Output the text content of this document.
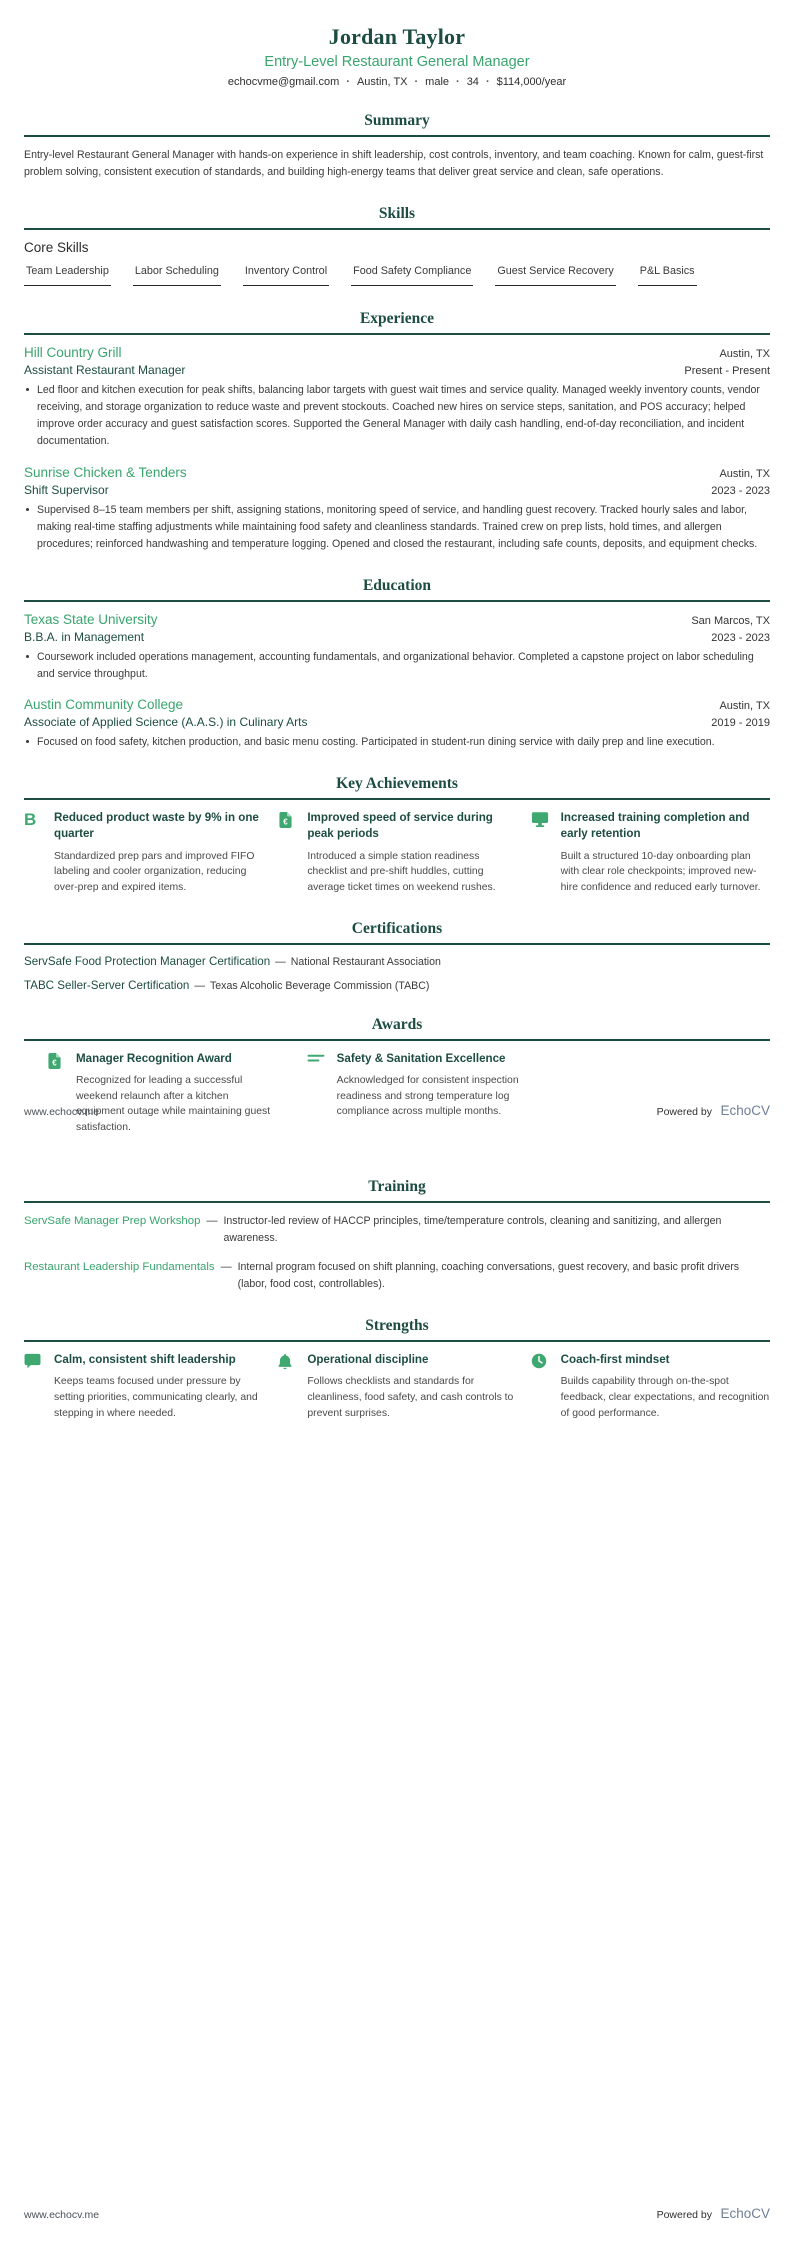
Jordan Taylor
Entry-Level Restaurant General Manager
echocvme@gmail.com · Austin, TX · male · 34 · $114,000/year
Summary

Entry-level Restaurant General Manager with hands-on experience in shift leadership, cost controls, inventory, and team coaching. Known for calm, guest-first problem solving, consistent execution of standards, and building high-energy teams that deliver great service and clean, safe operations.

Skills
Core Skills
Team Leadership Labor Scheduling Inventory Control Food Safety Compliance Guest Service Recovery P&L Basics
Experience
Hill Country Grill	Austin, TX
Assistant Restaurant Manager	Present - Present
Led floor and kitchen execution for peak shifts, balancing labor targets with guest wait times and service quality. Managed weekly inventory counts, vendor receiving, and storage organization to reduce waste and prevent stockouts. Coached new hires on service steps, sanitation, and POS accuracy; helped improve order accuracy and guest satisfaction scores. Supported the General Manager with daily cash handling, end-of-day reconciliation, and incident documentation.
Sunrise Chicken & Tenders	Austin, TX
Shift Supervisor	2023 - 2023
Supervised 8–15 team members per shift, assigning stations, monitoring speed of service, and handling guest recovery. Tracked hourly sales and labor, making real-time staffing adjustments while maintaining food safety and cleanliness standards. Trained crew on prep lists, hold times, and allergen procedures; reinforced handwashing and temperature logging. Opened and closed the restaurant, including safe counts, deposits, and equipment checks.
Education
Texas State University	San Marcos, TX
B.B.A. in Management	2023 - 2023
Coursework included operations management, accounting fundamentals, and organizational behavior. Completed a capstone project on labor scheduling and service throughput.
Austin Community College	Austin, TX
Associate of Applied Science (A.A.S.) in Culinary Arts	2019 - 2019
Focused on food safety, kitchen production, and basic menu costing. Participated in student-run dining service with daily prep and line execution.
Key Achievements
B	Reduced product waste by 9% in one quarter
Standardized prep pars and improved FIFO labeling and cooler organization, reducing over-prep and expired items.
€ Improved speed of service during peak periods
Introduced a simple station readiness checklist and pre-shift huddles, cutting average ticket times on weekend rushes.
Increased training completion and early retention
Built a structured 10-day onboarding plan with clear role checkpoints; improved new-hire confidence and reduced early turnover.
Certifications
ServSafe Food Protection Manager Certification — National Restaurant Association
TABC Seller-Server Certification — Texas Alcoholic Beverage Commission (TABC)
Awards
€ Manager Recognition Award
Recognized for leading a successful weekend relaunch after a kitchen equipment outage while maintaining guest satisfaction.
Safety & Sanitation Excellence
Acknowledged for consistent inspection readiness and strong temperature log compliance across multiple months.
www.echocv.me	Powered by EchoCV
Training
ServSafe Manager Prep Workshop — Instructor-led review of HACCP principles, time/temperature controls, cleaning and sanitizing, and allergen awareness.
Restaurant Leadership Fundamentals — Internal program focused on shift planning, coaching conversations, guest recovery, and basic profit drivers (labor, food cost, controllables).
Strengths
Calm, consistent shift leadership
Keeps teams focused under pressure by setting priorities, communicating clearly, and stepping in where needed.
Operational discipline
Follows checklists and standards for cleanliness, food safety, and cash controls to prevent surprises.
Coach-first mindset
Builds capability through on-the-spot feedback, clear expectations, and recognition of good performance.
www.echocv.me	Powered by EchoCV
